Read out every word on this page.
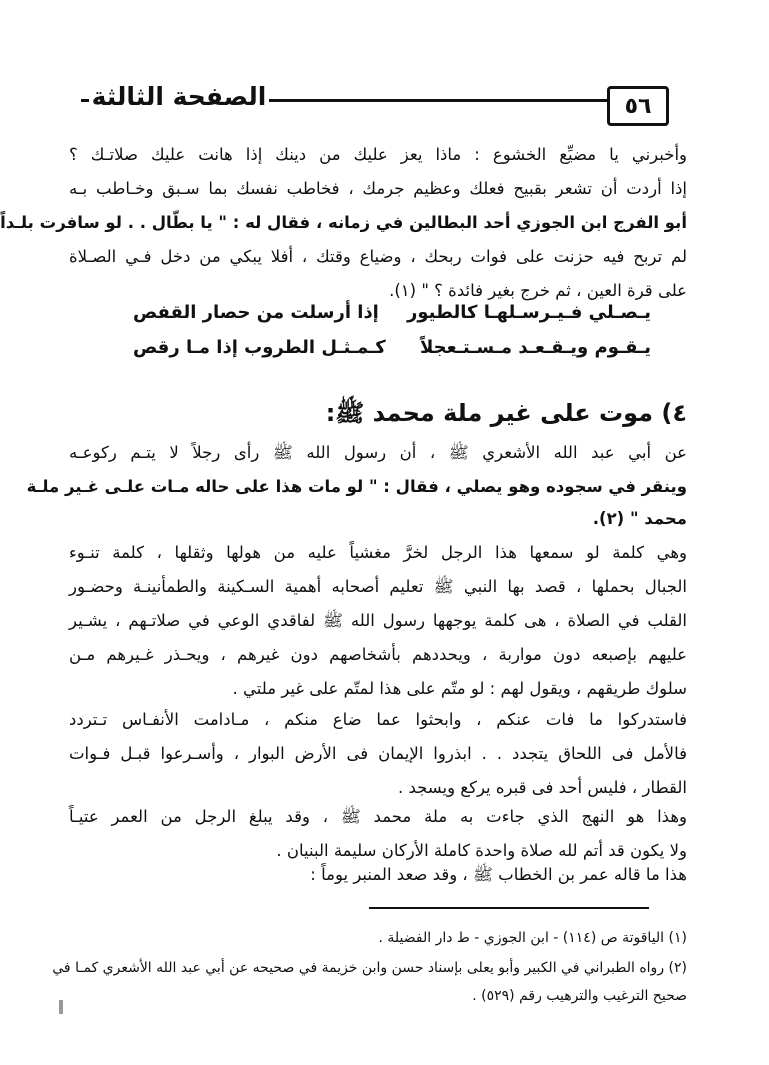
الصفحة الثالثة	٥٦
وأخبرني يا مضيِّع الخشوع : ماذا يعز عليك من دينك إذا هانت عليك صلاتـك ؟
إذا أردت أن تشعر بقبيح فعلك وعظيم جرمك ، فخاطب نفسك بما سـبق وخـاطب بـه
أبو الفرج ابن الجوزي أحد البطالين في زمانه ، فقال له : " يا بطّال . . لو سافرت بلـداً
لم تربح فيه حزنت على فوات ربحك ، وضياع وقتك ، أفلا يبكي من دخل فـي الصـلاة
على قرة العين ، ثم خرج بغير فائدة ؟ " (١).
يـصـلي فـيـرسـلهـا كالطيور
إذا أرسلت من حصار القفص
يـقـوم ويـقـعـد مـسـتـعجلاً
كـمـثـل الطروب إذا مـا رقص
٤) موت على غير ملة محمد ﷺ:
عن أبي عبد الله الأشعري ﷺ ، أن رسول الله ﷺ رأى رجلاً لا يتـم ركوعـه
وينقر في سجوده وهو يصلي ، فقال : " لو مات هذا على حاله مـات علـى غـير ملـة
محمد " (٢).
وهي كلمة لو سمعها هذا الرجل لخرَّ مغشياً عليه من هولها وثقلها ، كلمة تنـوء
الجبال بحملها ، قصد بها النبي ﷺ تعليم أصحابه أهمية السـكينة والطمأنينـة وحضـور
القلب في الصلاة ، هى كلمة يوجهها رسول الله ﷺ لفاقدي الوعي في صلاتـهم ، يشـير
عليهم بإصبعه دون مواربة ، ويحددهم بأشخاصهم دون غيرهم ، ويحـذر غـيرهم مـن
سلوك طريقهم ، ويقول لهم : لو متّم على هذا لمتّم على غير ملتي .
فاستدركوا ما فات عنكم ، وابحثوا عما ضاع منكم ، مـادامت الأنفـاس تـتردد
فالأمل فى اللحاق يتجدد . . ابذروا الإيمان فى الأرض البوار ، وأسـرعوا قبـل فـوات
القطار ، فليس أحد فى قبره يركع ويسجد .
وهذا هو النهج الذي جاءت به ملة محمد ﷺ ، وقد يبلغ الرجل من العمر عتيـاً
ولا يكون قد أتم لله صلاة واحدة كاملة الأركان سليمة البنيان .
هذا ما قاله عمر بن الخطاب ﷺ ، وقد صعد المنبر يوماً :
(١) الياقوتة ص (١١٤) - ابن الجوزي - ط دار الفضيلة .
(٢) رواه الطبراني في الكبير وأبو يعلى بإسناد حسن وابن خزيمة في صحيحه عن أبي عبد الله الأشعري كمـا في
صحيح الترغيب والترهيب رقم (٥٢٩) .
